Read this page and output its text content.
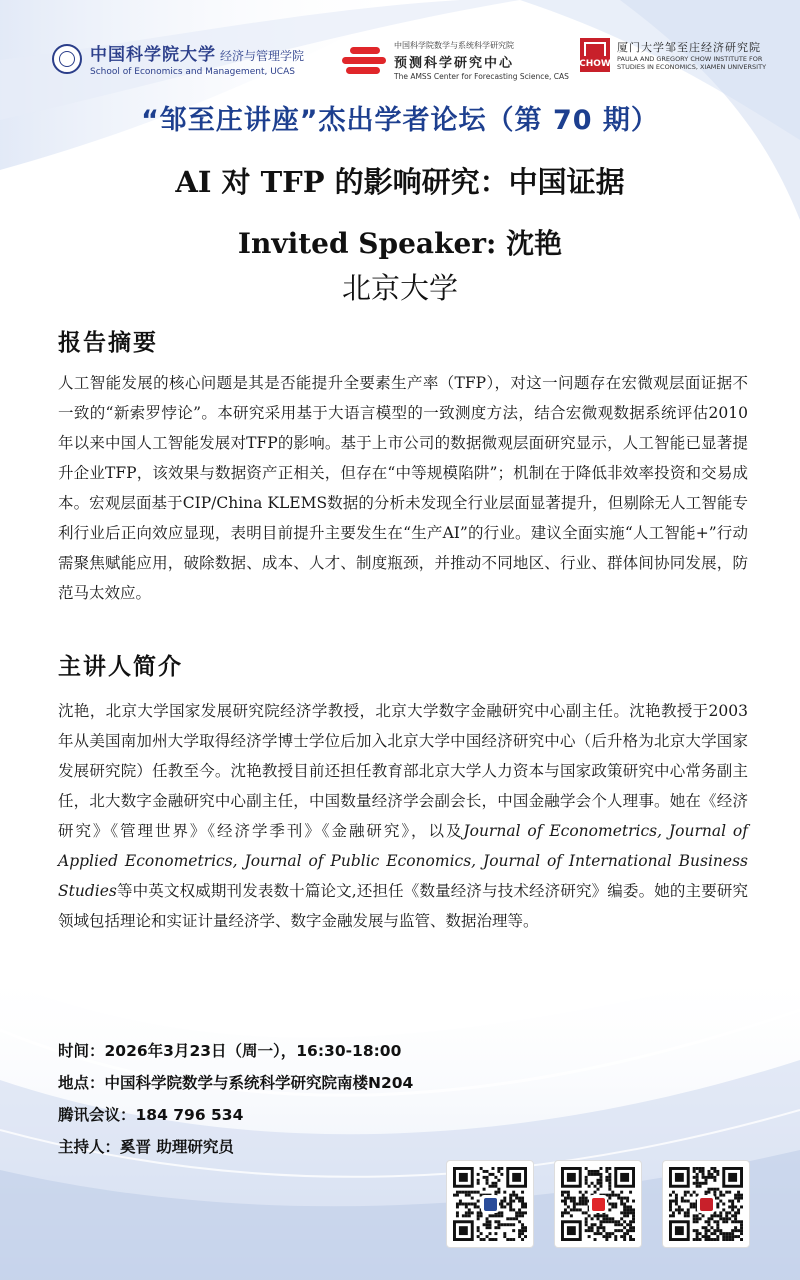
中国科学院大学 经济与管理学院
School of Economics and Management, UCAS
中国科学院数学与系统科学研究院
预测科学研究中心
The AMSS Center for Forecasting Science, CAS
CHOW
厦门大学邹至庄经济研究院
PAULA AND GREGORY CHOW INSTITUTE FOR
STUDIES IN ECONOMICS, XIAMEN UNIVERSITY
“邹至庄讲座”杰出学者论坛（第 70 期）
AI 对 TFP 的影响研究：中国证据
Invited Speaker: 沈艳
北京大学
报告摘要
人工智能发展的核心问题是其是否能提升全要素生产率（TFP），对这一问题存在宏微观层面证据不一致的“新索罗悖论”。本研究采用基于大语言模型的一致测度方法，结合宏微观数据系统评估2010年以来中国人工智能发展对TFP的影响。基于上市公司的数据微观层面研究显示，人工智能已显著提升企业TFP，该效果与数据资产正相关，但存在“中等规模陷阱”；机制在于降低非效率投资和交易成本。宏观层面基于CIP/China KLEMS数据的分析未发现全行业层面显著提升，但剔除无人工智能专利行业后正向效应显现，表明目前提升主要发生在“生产AI”的行业。建议全面实施“人工智能+”行动需聚焦赋能应用，破除数据、成本、人才、制度瓶颈，并推动不同地区、行业、群体间协同发展，防范马太效应。
主讲人简介
沈艳，北京大学国家发展研究院经济学教授，北京大学数字金融研究中心副主任。沈艳教授于2003年从美国南加州大学取得经济学博士学位后加入北京大学中国经济研究中心（后升格为北京大学国家发展研究院）任教至今。沈艳教授目前还担任教育部北京大学人力资本与国家政策研究中心常务副主任，北大数字金融研究中心副主任，中国数量经济学会副会长，中国金融学会个人理事。她在《经济研究》《管理世界》《经济学季刊》《金融研究》，以及Journal of Econometrics, Journal of Applied Econometrics, Journal of Public Economics, Journal of International Business Studies等中英文权威期刊发表数十篇论文,还担任《数量经济与技术经济研究》编委。她的主要研究领域包括理论和实证计量经济学、数字金融发展与监管、数据治理等。
时间：2026年3月23日（周一），16:30-18:00
地点：中国科学院数学与系统科学研究院南楼N204
腾讯会议：184 796 534
主持人：奚晋 助理研究员
